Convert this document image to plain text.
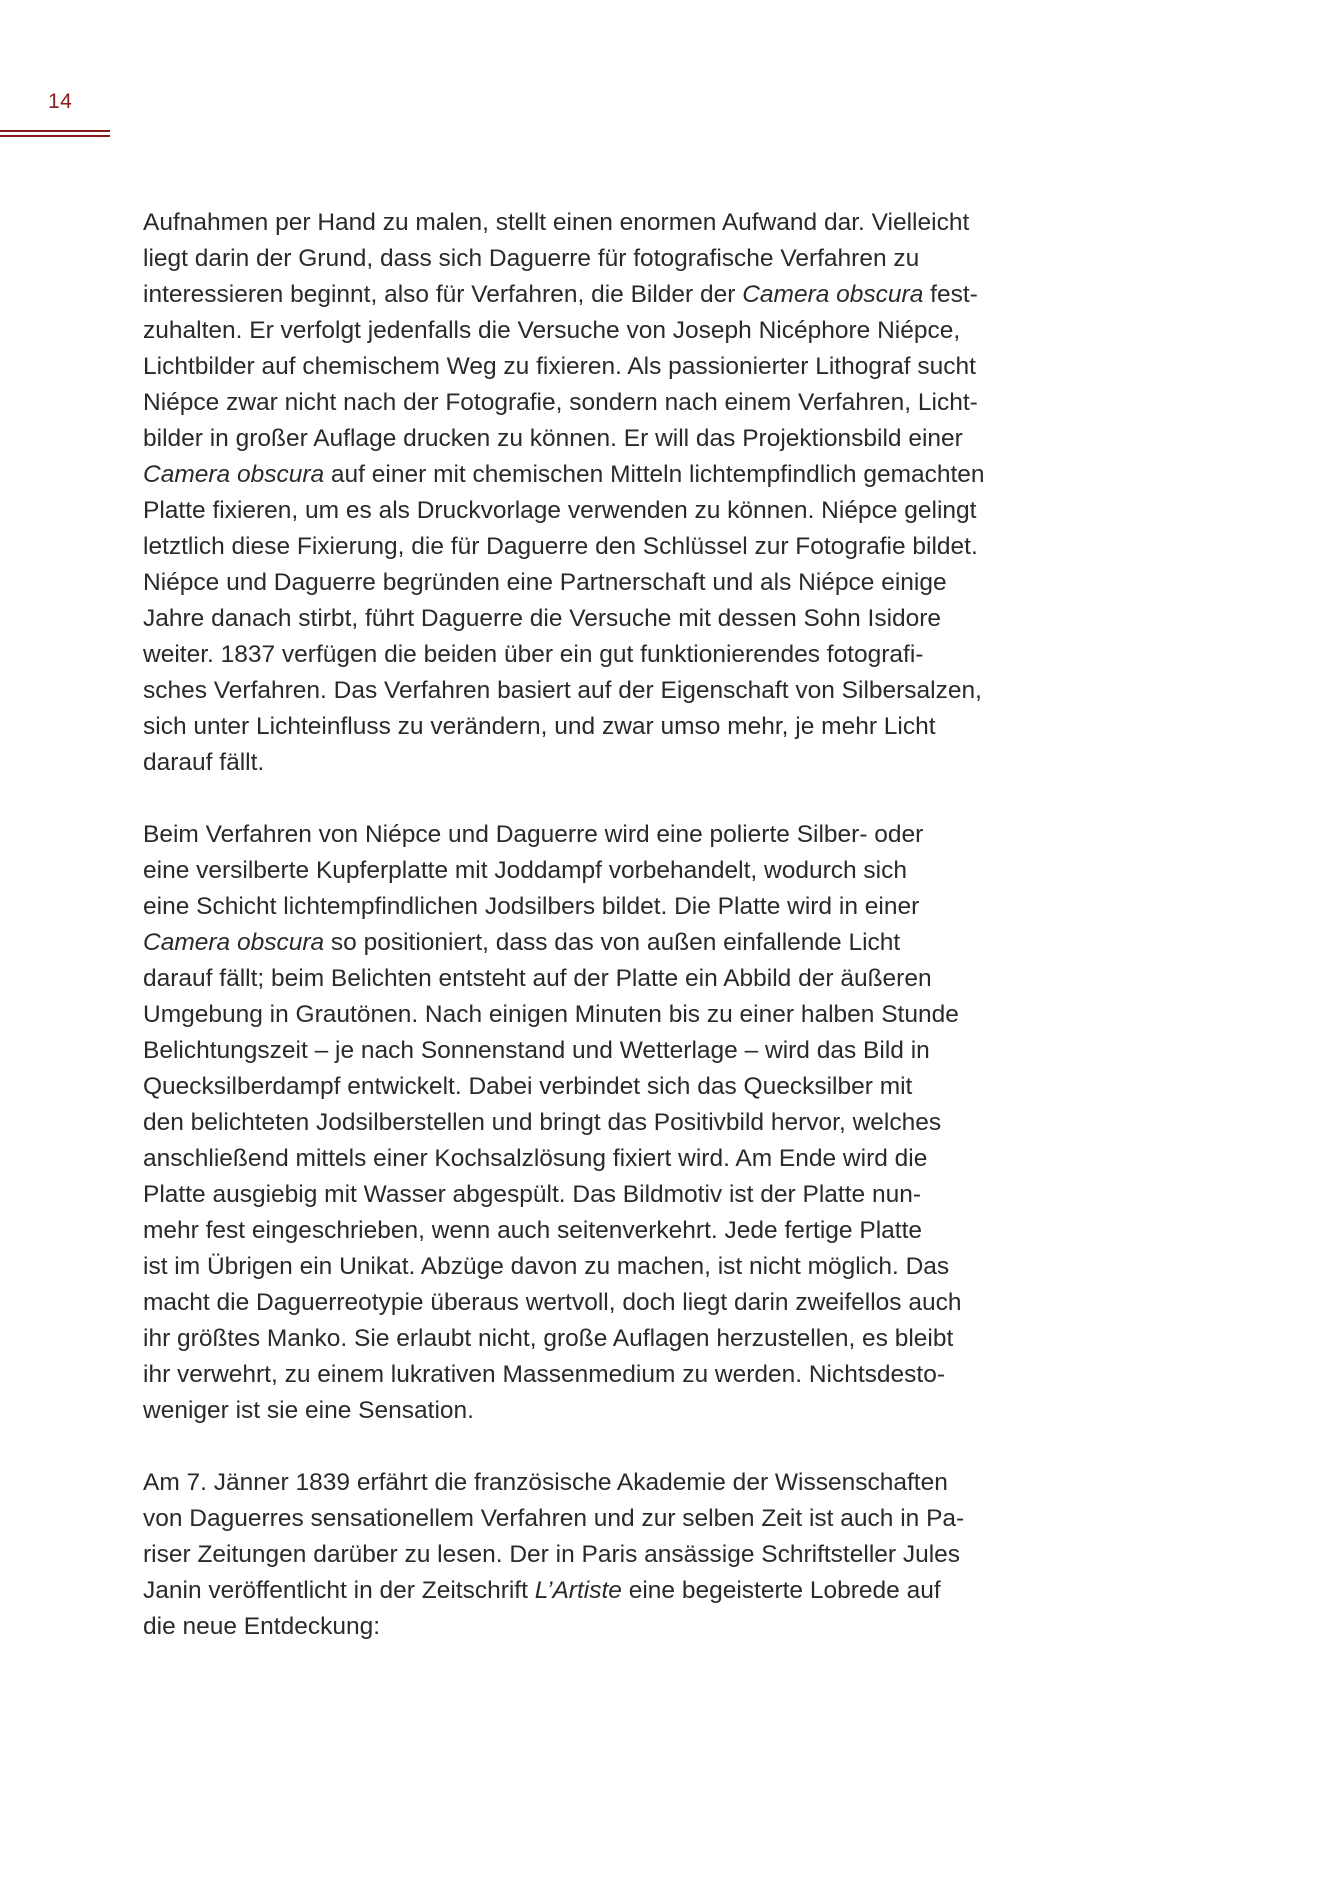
14

Aufnahmen per Hand zu malen, stellt einen enormen Aufwand dar. Vielleicht
liegt darin der Grund, dass sich Daguerre für fotografische Verfahren zu
interessieren beginnt, also für Verfahren, die Bilder der Camera obscura fest-
zuhalten. Er verfolgt jedenfalls die Versuche von Joseph Nicéphore Niépce,
Lichtbilder auf chemischem Weg zu fixieren. Als passionierter Lithograf sucht
Niépce zwar nicht nach der Fotografie, sondern nach einem Verfahren, Licht-
bilder in großer Auflage drucken zu können. Er will das Projektionsbild einer
Camera obscura auf einer mit chemischen Mitteln lichtempfindlich gemachten
Platte fixieren, um es als Druckvorlage verwenden zu können. Niépce gelingt
letztlich diese Fixierung, die für Daguerre den Schlüssel zur Fotografie bildet.
Niépce und Daguerre begründen eine Partnerschaft und als Niépce einige
Jahre danach stirbt, führt Daguerre die Versuche mit dessen Sohn Isidore
weiter. 1837 verfügen die beiden über ein gut funktionierendes fotografi-
sches Verfahren. Das Verfahren basiert auf der Eigenschaft von Silbersalzen,
sich unter Lichteinfluss zu verändern, und zwar umso mehr, je mehr Licht
darauf fällt.

Beim Verfahren von Niépce und Daguerre wird eine polierte Silber- oder
eine versilberte Kupferplatte mit Joddampf vorbehandelt, wodurch sich
eine Schicht lichtempfindlichen Jodsilbers bildet. Die Platte wird in einer
Camera obscura so positioniert, dass das von außen einfallende Licht
darauf fällt; beim Belichten entsteht auf der Platte ein Abbild der äußeren
Umgebung in Grautönen. Nach einigen Minuten bis zu einer halben Stunde
Belichtungszeit – je nach Sonnenstand und Wetterlage – wird das Bild in
Quecksilberdampf entwickelt. Dabei verbindet sich das Quecksilber mit
den belichteten Jodsilberstellen und bringt das Positivbild hervor, welches
anschließend mittels einer Kochsalzlösung fixiert wird. Am Ende wird die
Platte ausgiebig mit Wasser abgespült. Das Bildmotiv ist der Platte nun-
mehr fest eingeschrieben, wenn auch seitenverkehrt. Jede fertige Platte
ist im Übrigen ein Unikat. Abzüge davon zu machen, ist nicht möglich. Das
macht die Daguerreotypie überaus wertvoll, doch liegt darin zweifellos auch
ihr größtes Manko. Sie erlaubt nicht, große Auflagen herzustellen, es bleibt
ihr verwehrt, zu einem lukrativen Massenmedium zu werden. Nichtsdesto-
weniger ist sie eine Sensation.

Am 7. Jänner 1839 erfährt die französische Akademie der Wissenschaften
von Daguerres sensationellem Verfahren und zur selben Zeit ist auch in Pa-
riser Zeitungen darüber zu lesen. Der in Paris ansässige Schriftsteller Jules
Janin veröffentlicht in der Zeitschrift L’Artiste eine begeisterte Lobrede auf
die neue Entdeckung:
